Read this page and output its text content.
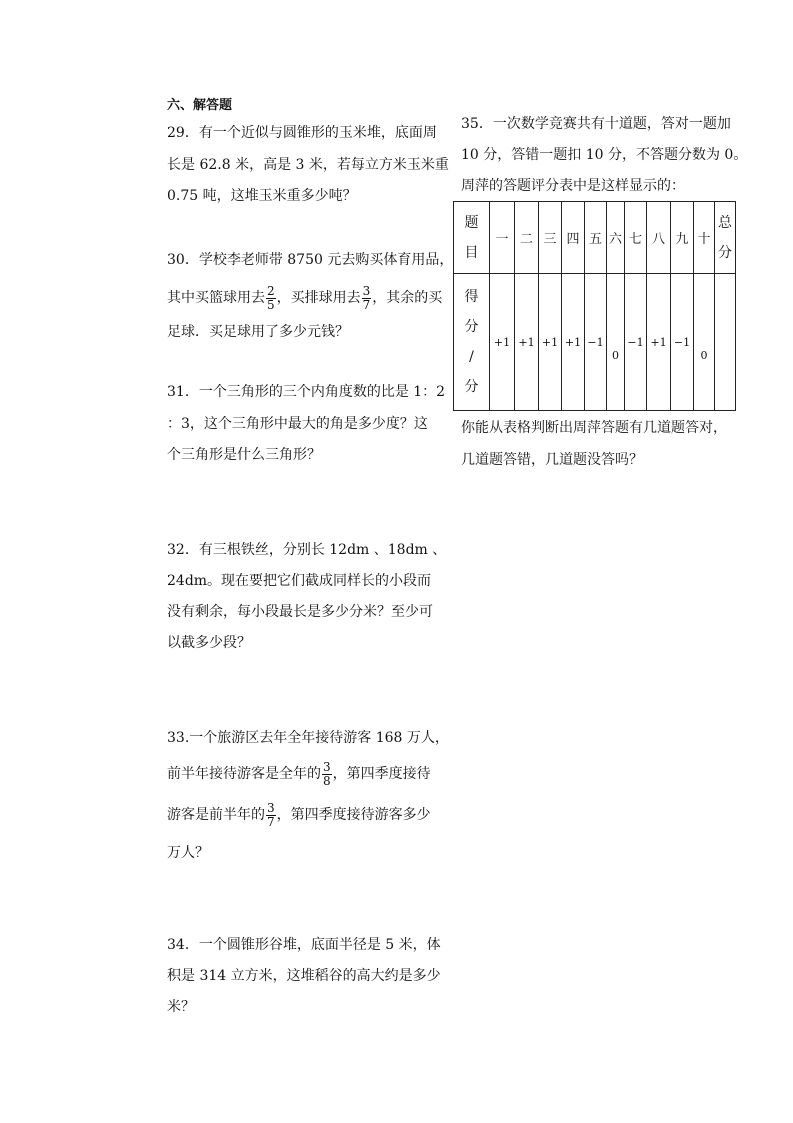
六、解答题
29．有一个近似与圆锥形的玉米堆，底面周
长是 62.8 米，高是 3 米，若每立方米玉米重
0.75 吨，这堆玉米重多少吨？
30．学校李老师带 8750 元去购买体育用品，
其中买篮球用去 $\frac{2}{5}$ ，买排球用去 $\frac{3}{7}$ ，其余的买
足球．买足球用了多少元钱？
31．一个三角形的三个内角度数的比是 1：2
：3，这个三角形中最大的角是多少度？这
个三角形是什么三角形？
32．有三根铁丝，分别长 12dm 、18dm 、
24dm。现在要把它们截成同样长的小段而
没有剩余，每小段最长是多少分米？至少可
以截多少段？
33.一个旅游区去年全年接待游客 168 万人，
前半年接待游客是全年的 $\frac{3}{8}$ ，第四季度接待
游客是前半年的 $\frac{3}{7}$ ，第四季度接待游客多少
万人？
34．一个圆锥形谷堆，底面半径是 5 米，体
积是 314 立方米，这堆稻谷的高大约是多少
米？
35．一次数学竞赛共有十道题，答对一题加
10 分，答错一题扣 10 分，不答题分数为 0。
周萍的答题评分表中是这样显示的：
题
目	一	二	三	四	五	六	七	八	九	十	总
分

得
分
/
分	+1	+1	+1	+1	−1	0	−1	+1	−1	0	

你能从表格判断出周萍答题有几道题答对，
几道题答错，几道题没答吗？
